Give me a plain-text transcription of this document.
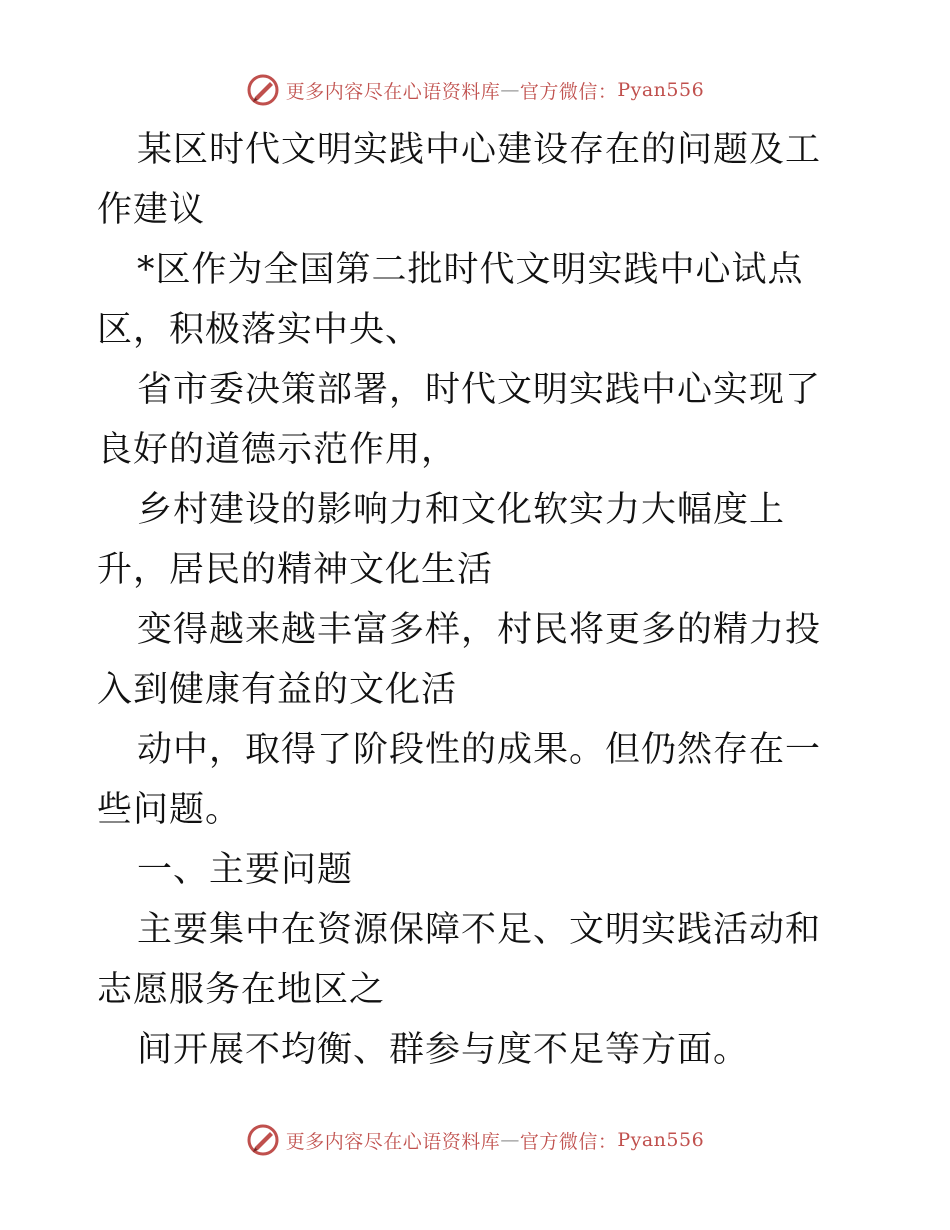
更多内容尽在心语资料库 — 官方微信： Pyan556

某区时代文明实践中心建设存在的问题及工作建议

*区作为全国第二批时代文明实践中心试点区，积极落实中央、

省市委决策部署，时代文明实践中心实现了良好的道德示范作用，

乡村建设的影响力和文化软实力大幅度上升，居民的精神文化生活

变得越来越丰富多样，村民将更多的精力投入到健康有益的文化活

动中，取得了阶段性的成果。但仍然存在一些问题。

一、主要问题

主要集中在资源保障不足、文明实践活动和志愿服务在地区之

间开展不均衡、群参与度不足等方面。

更多内容尽在心语资料库 — 官方微信： Pyan556
